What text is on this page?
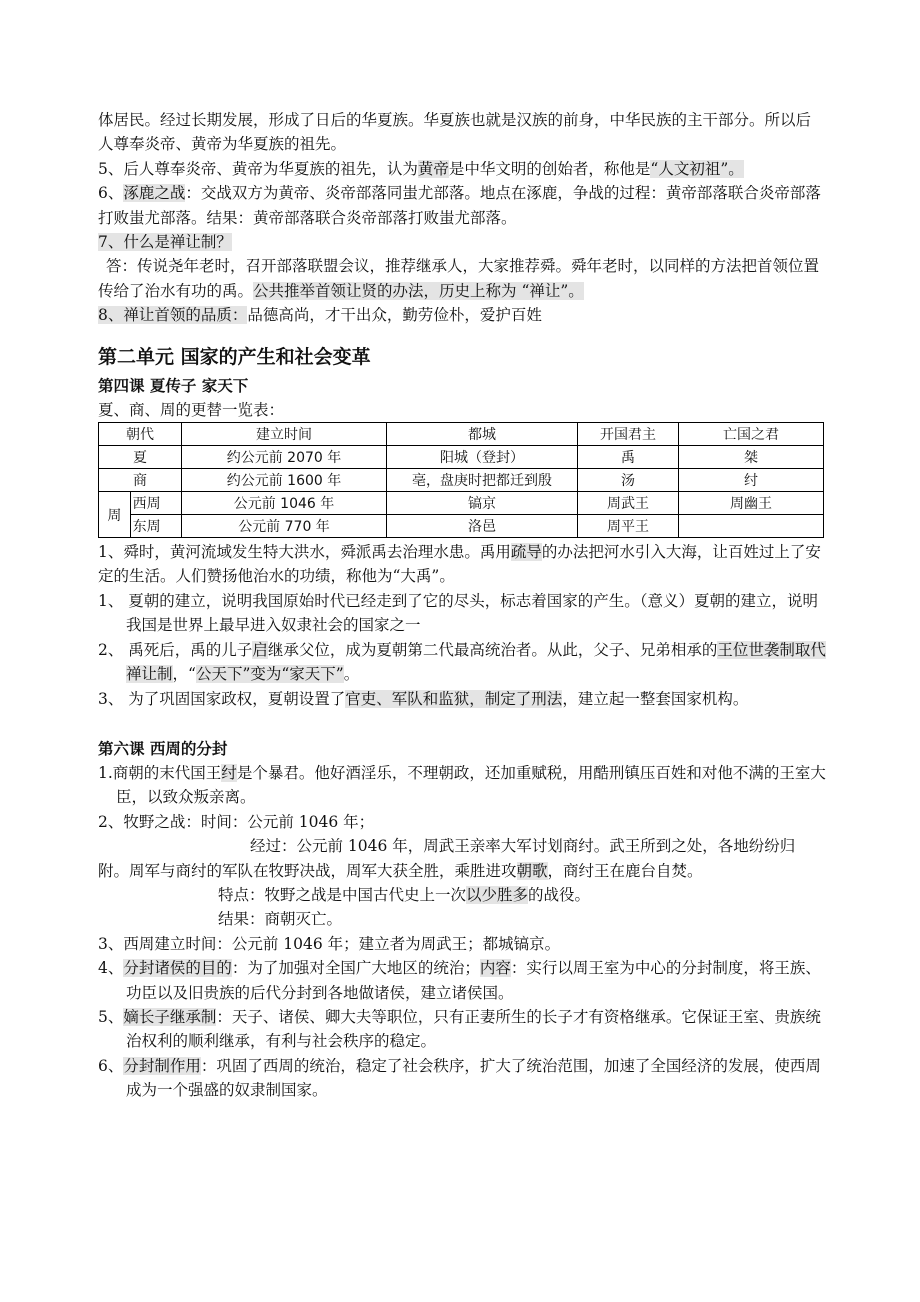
体居民。经过长期发展，形成了日后的华夏族。华夏族也就是汉族的前身，中华民族的主干部分。所以后人尊奉炎帝、黄帝为华夏族的祖先。

5、后人尊奉炎帝、黄帝为华夏族的祖先，认为黄帝是中华文明的创始者，称他是“人文初祖”。

6、涿鹿之战：交战双方为黄帝、炎帝部落同蚩尤部落。地点在涿鹿，争战的过程：黄帝部落联合炎帝部落打败蚩尤部落。结果：黄帝部落联合炎帝部落打败蚩尤部落。

7、什么是禅让制？

答：传说尧年老时，召开部落联盟会议，推荐继承人，大家推荐舜。舜年老时，以同样的方法把首领位置传给了治水有功的禹。公共推举首领让贤的办法，历史上称为 “禅让”。

8、禅让首领的品质：品德高尚，才干出众，勤劳俭朴，爱护百姓

第二单元 国家的产生和社会变革
第四课 夏传子 家天下

夏、商、周的更替一览表：

朝代		建立时间	都城	开国君主	亡国之君
夏		约公元前 2070 年	阳城（登封）	禹	桀
商		约公元前 1600 年	亳，盘庚时把都迁到殷	汤	纣
周	西周	公元前 1046 年	镐京	周武王	周幽王
	东周	公元前 770 年	洛邑	周平王	

1、舜时，黄河流域发生特大洪水，舜派禹去治理水患。禹用疏导的办法把河水引入大海，让百姓过上了安定的生活。人们赞扬他治水的功绩，称他为“大禹”。

1、 夏朝的建立，说明我国原始时代已经走到了它的尽头，标志着国家的产生。（意义）夏朝的建立，说明我国是世界上最早进入奴隶社会的国家之一

2、 禹死后，禹的儿子启继承父位，成为夏朝第二代最高统治者。从此，父子、兄弟相承的王位世袭制取代禅让制，“公天下”变为“家天下”。

3、 为了巩固国家政权，夏朝设置了官吏、军队和监狱，制定了刑法，建立起一整套国家机构。

第六课 西周的分封

1.商朝的末代国王纣是个暴君。他好酒淫乐，不理朝政，还加重赋税，用酷刑镇压百姓和对他不满的王室大臣，以致众叛亲离。

2、牧野之战：时间：公元前 1046 年；

经过：公元前 1046 年，周武王亲率大军讨划商纣。武王所到之处，各地纷纷归附。周军与商纣的军队在牧野决战，周军大获全胜，乘胜进攻朝歌，商纣王在鹿台自焚。

特点：牧野之战是中国古代史上一次以少胜多的战役。

结果：商朝灭亡。

3、西周建立时间：公元前 1046 年；建立者为周武王；都城镐京。

4、分封诸侯的目的：为了加强对全国广大地区的统治；内容：实行以周王室为中心的分封制度，将王族、功臣以及旧贵族的后代分封到各地做诸侯，建立诸侯国。

5、嫡长子继承制：天子、诸侯、卿大夫等职位，只有正妻所生的长子才有资格继承。它保证王室、贵族统治权利的顺利继承，有利与社会秩序的稳定。

6、分封制作用：巩固了西周的统治，稳定了社会秩序，扩大了统治范围，加速了全国经济的发展，使西周成为一个强盛的奴隶制国家。
